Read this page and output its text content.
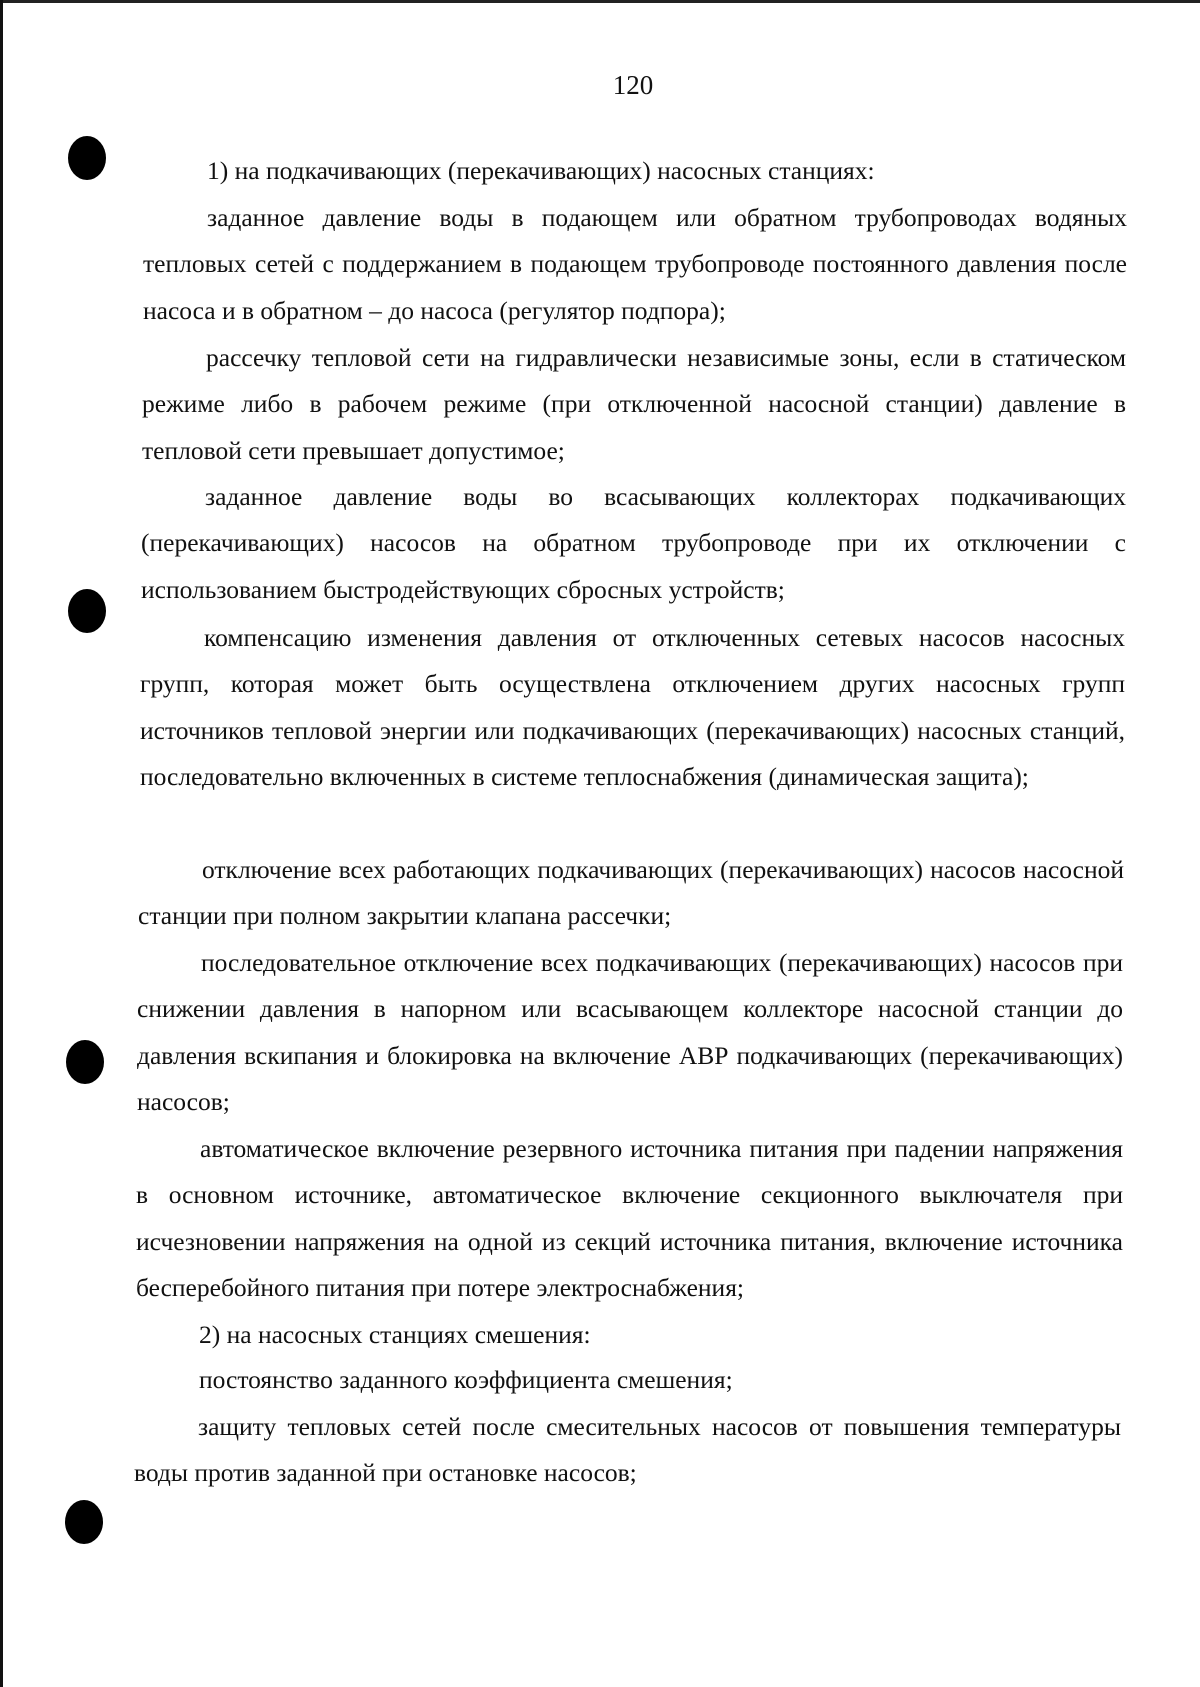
120

1) на подкачивающих (перекачивающих) насосных станциях:

заданное давление воды в подающем или обратном трубопроводах водяных тепловых сетей с поддержанием в подающем трубопроводе постоянного давления после насоса и в обратном – до насоса (регулятор подпора);

рассечку тепловой сети на гидравлически независимые зоны, если в статическом режиме либо в рабочем режиме (при отключенной насосной станции) давление в тепловой сети превышает допустимое;

заданное давление воды во всасывающих коллекторах подкачивающих (перекачивающих) насосов на обратном трубопроводе при их отключении с использованием быстродействующих сбросных устройств;

компенсацию изменения давления от отключенных сетевых насосов насосных групп, которая может быть осуществлена отключением других насосных групп источников тепловой энергии или подкачивающих (перекачивающих) насосных станций, последовательно включенных в системе теплоснабжения (динамическая защита);

отключение всех работающих подкачивающих (перекачивающих) насосов насосной станции при полном закрытии клапана рассечки;

последовательное отключение всех подкачивающих (перекачивающих) насосов при снижении давления в напорном или всасывающем коллекторе насосной станции до давления вскипания и блокировка на включение АВР подкачивающих (перекачивающих) насосов;

автоматическое включение резервного источника питания при падении напряжения в основном источнике, автоматическое включение секционного выключателя при исчезновении напряжения на одной из секций источника питания, включение источника бесперебойного питания при потере электроснабжения;

2) на насосных станциях смешения:

постоянство заданного коэффициента смешения;

защиту тепловых сетей после смесительных насосов от повышения температуры воды против заданной при остановке насосов;
